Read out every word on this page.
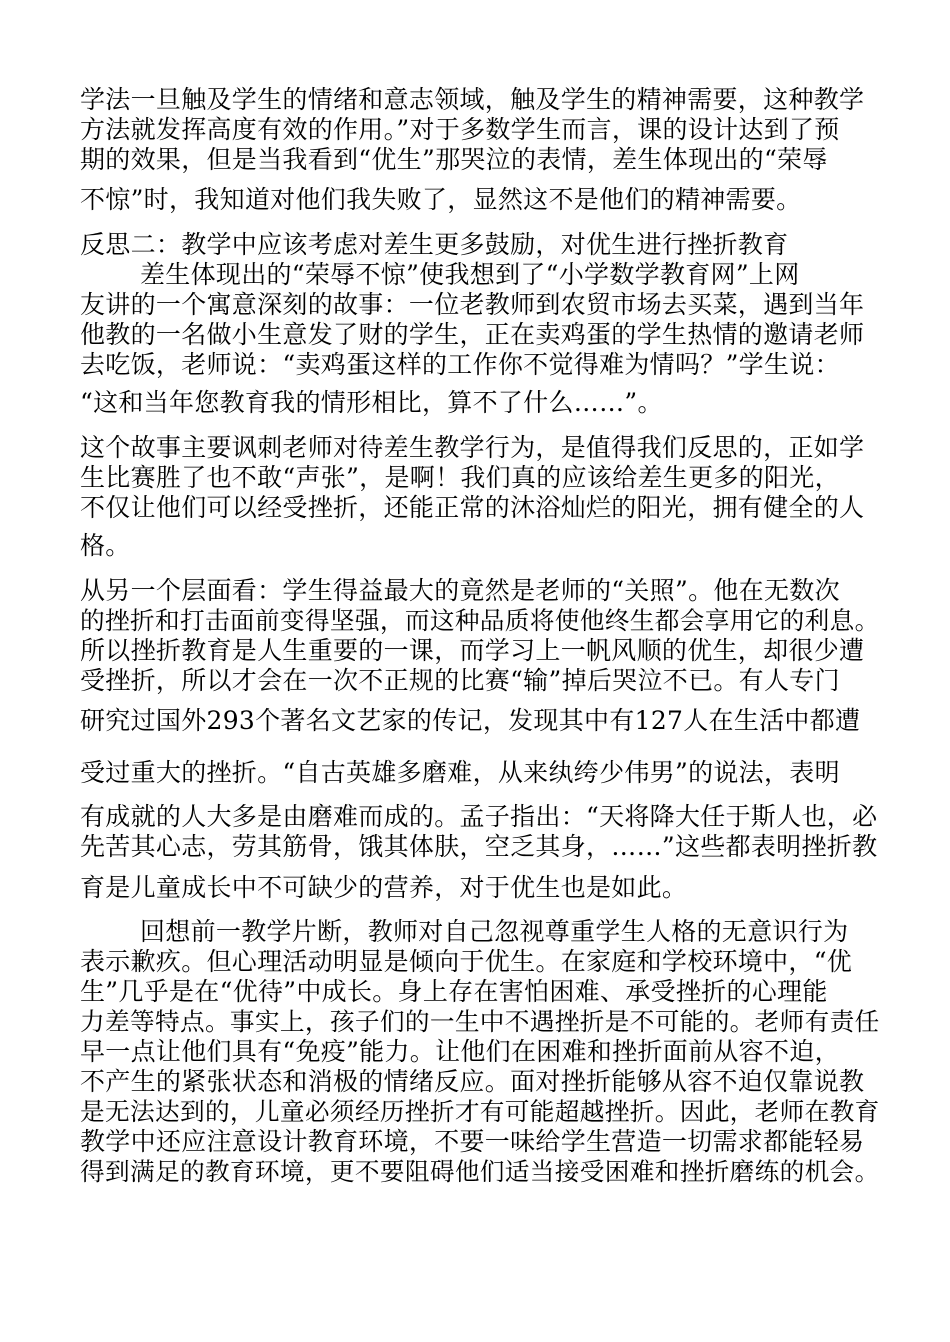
学法一旦触及学生的情绪和意志领域，触及学生的精神需要，这种教学
方法就发挥高度有效的作用。”对于多数学生而言，课的设计达到了预
期的效果，但是当我看到“优生”那哭泣的表情，差生体现出的“荣辱
不惊”时，我知道对他们我失败了，显然这不是他们的精神需要。
反思二：教学中应该考虑对差生更多鼓励，对优生进行挫折教育
差生体现出的“荣辱不惊”使我想到了“小学数学教育网”上网
友讲的一个寓意深刻的故事：一位老教师到农贸市场去买菜，遇到当年
他教的一名做小生意发了财的学生，正在卖鸡蛋的学生热情的邀请老师
去吃饭，老师说：“卖鸡蛋这样的工作你不觉得难为情吗？”学生说：
“这和当年您教育我的情形相比，算不了什么……”。
这个故事主要讽刺老师对待差生教学行为，是值得我们反思的，正如学
生比赛胜了也不敢“声张”，是啊！我们真的应该给差生更多的阳光，
不仅让他们可以经受挫折，还能正常的沐浴灿烂的阳光，拥有健全的人
格。
从另一个层面看：学生得益最大的竟然是老师的“关照”。他在无数次
的挫折和打击面前变得坚强，而这种品质将使他终生都会享用它的利息。
所以挫折教育是人生重要的一课，而学习上一帆风顺的优生，却很少遭
受挫折，所以才会在一次不正规的比赛“输”掉后哭泣不已。有人专门
研究过国外293个著名文艺家的传记，发现其中有127人在生活中都遭
受过重大的挫折。“自古英雄多磨难，从来纨绔少伟男”的说法，表明
有成就的人大多是由磨难而成的。孟子指出：“天将降大任于斯人也，必
先苦其心志，劳其筋骨，饿其体肤，空乏其身，……”这些都表明挫折教
育是儿童成长中不可缺少的营养，对于优生也是如此。
回想前一教学片断，教师对自己忽视尊重学生人格的无意识行为
表示歉疚。但心理活动明显是倾向于优生。在家庭和学校环境中，“优
生”几乎是在“优待”中成长。身上存在害怕困难、承受挫折的心理能
力差等特点。事实上，孩子们的一生中不遇挫折是不可能的。老师有责任
早一点让他们具有“免疫”能力。让他们在困难和挫折面前从容不迫，
不产生的紧张状态和消极的情绪反应。面对挫折能够从容不迫仅靠说教
是无法达到的，儿童必须经历挫折才有可能超越挫折。因此，老师在教育
教学中还应注意设计教育环境，不要一味给学生营造一切需求都能轻易
得到满足的教育环境，更不要阻碍他们适当接受困难和挫折磨练的机会。
